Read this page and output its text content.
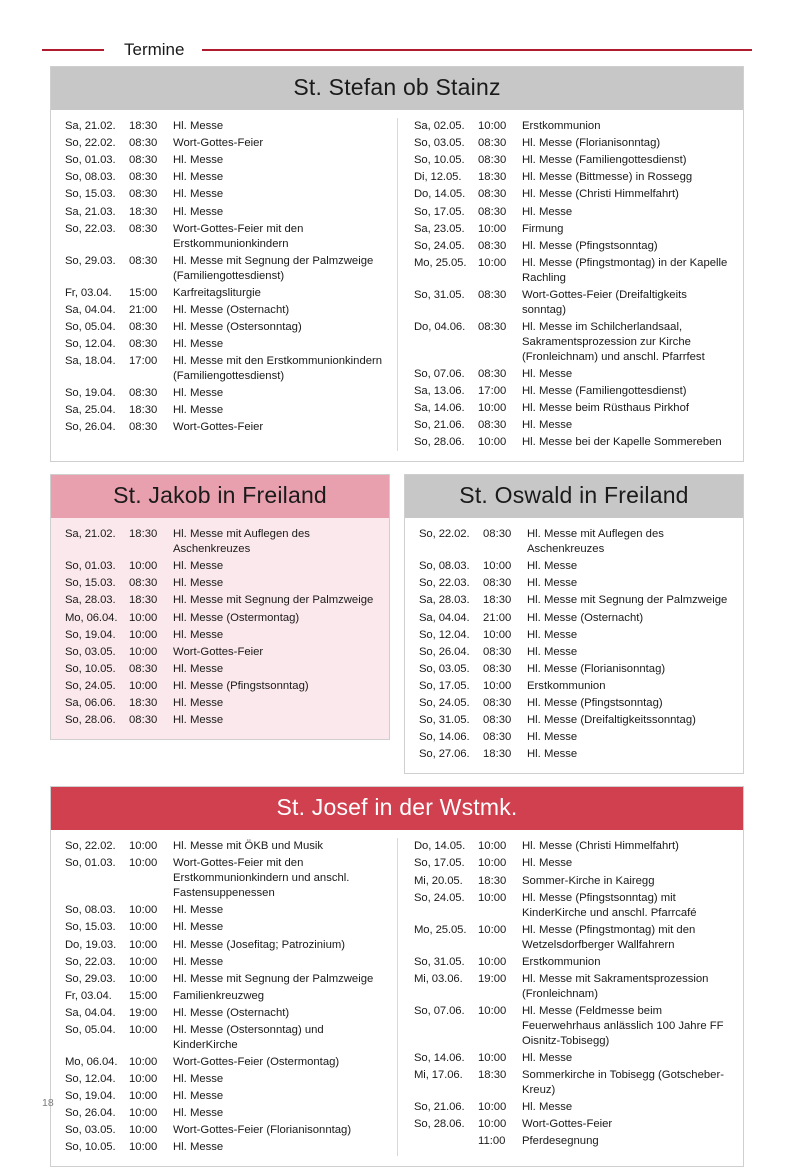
Termine
St. Stefan ob Stainz
Sa, 21.02.	18:30	Hl. Messe
So, 22.02.	08:30	Wort-Gottes-Feier
So, 01.03.	08:30	Hl. Messe
So, 08.03.	08:30	Hl. Messe
So, 15.03.	08:30	Hl. Messe
Sa, 21.03.	18:30	Hl. Messe
So, 22.03.	08:30	Wort-Gottes-Feier mit den Erstkommunionkindern
So, 29.03.	08:30	Hl. Messe mit Segnung der Palmzweige (Familiengottesdienst)
Fr, 03.04.	15:00	Karfreitagsliturgie
Sa, 04.04.	21:00	Hl. Messe (Osternacht)
So, 05.04.	08:30	Hl. Messe (Ostersonntag)
So, 12.04.	08:30	Hl. Messe
Sa, 18.04.	17:00	Hl. Messe mit den Erstkommunionkindern (Familiengottesdienst)
So, 19.04.	08:30	Hl. Messe
Sa, 25.04.	18:30	Hl. Messe
So, 26.04.	08:30	Wort-Gottes-Feier
Sa, 02.05.	10:00	Erstkommunion
So, 03.05.	08:30	Hl. Messe (Florianisonntag)
So, 10.05.	08:30	Hl. Messe (Familiengottesdienst)
Di, 12.05.	18:30	Hl. Messe (Bittmesse) in Rossegg
Do, 14.05.	08:30	Hl. Messe (Christi Himmelfahrt)
So, 17.05.	08:30	Hl. Messe
Sa, 23.05.	10:00	Firmung
So, 24.05.	08:30	Hl. Messe (Pfingstsonntag)
Mo, 25.05.	10:00	Hl. Messe (Pfingstmontag) in der Kapelle Rachling
So, 31.05.	08:30	Wort-Gottes-Feier (Dreifaltigkeits sonntag)
Do, 04.06.	08:30	Hl. Messe im Schilcherlandsaal, Sakramentsprozession zur Kirche (Fronleichnam) und anschl. Pfarrfest
So, 07.06.	08:30	Hl. Messe
Sa, 13.06.	17:00	Hl. Messe (Familiengottesdienst)
Sa, 14.06.	10:00	Hl. Messe beim Rüsthaus Pirkhof
So, 21.06.	08:30	Hl. Messe
So, 28.06.	10:00	Hl. Messe bei der Kapelle Sommereben
St. Jakob in Freiland
Sa, 21.02.	18:30	Hl. Messe mit Auflegen des Aschenkreuzes
So, 01.03.	10:00	Hl. Messe
So, 15.03.	08:30	Hl. Messe
Sa, 28.03.	18:30	Hl. Messe mit Segnung der Palmzweige
Mo, 06.04.	10:00	Hl. Messe (Ostermontag)
So, 19.04.	10:00	Hl. Messe
So, 03.05.	10:00	Wort-Gottes-Feier
So, 10.05.	08:30	Hl. Messe
So, 24.05.	10:00	Hl. Messe (Pfingstsonntag)
Sa, 06.06.	18:30	Hl. Messe
So, 28.06.	08:30	Hl. Messe
St. Oswald in Freiland
So, 22.02.	08:30	Hl. Messe mit Auflegen des Aschenkreuzes
So, 08.03.	10:00	Hl. Messe
So, 22.03.	08:30	Hl. Messe
Sa, 28.03.	18:30	Hl. Messe mit Segnung der Palmzweige
Sa, 04.04.	21:00	Hl. Messe (Osternacht)
So, 12.04.	10:00	Hl. Messe
So, 26.04.	08:30	Hl. Messe
So, 03.05.	08:30	Hl. Messe (Florianisonntag)
So, 17.05.	10:00	Erstkommunion
So, 24.05.	08:30	Hl. Messe (Pfingstsonntag)
So, 31.05.	08:30	Hl. Messe (Dreifaltigkeitssonntag)
So, 14.06.	08:30	Hl. Messe
So, 27.06.	18:30	Hl. Messe
St. Josef in der Wstmk.
So, 22.02.	10:00	Hl. Messe mit ÖKB und Musik
So, 01.03.	10:00	Wort-Gottes-Feier mit den Erstkommunionkindern und anschl. Fastensuppenessen
So, 08.03.	10:00	Hl. Messe
So, 15.03.	10:00	Hl. Messe
Do, 19.03.	10:00	Hl. Messe (Josefitag; Patrozinium)
So, 22.03.	10:00	Hl. Messe
So, 29.03.	10:00	Hl. Messe mit Segnung der Palmzweige
Fr, 03.04.	15:00	Familienkreuzweg
Sa, 04.04.	19:00	Hl. Messe (Osternacht)
So, 05.04.	10:00	Hl. Messe (Ostersonntag) und KinderKirche
Mo, 06.04.	10:00	Wort-Gottes-Feier (Ostermontag)
So, 12.04.	10:00	Hl. Messe
So, 19.04.	10:00	Hl. Messe
So, 26.04.	10:00	Hl. Messe
So, 03.05.	10:00	Wort-Gottes-Feier (Florianisonntag)
So, 10.05.	10:00	Hl. Messe
Do, 14.05.	10:00	Hl. Messe (Christi Himmelfahrt)
So, 17.05.	10:00	Hl. Messe
Mi, 20.05.	18:30	Sommer-Kirche in Kairegg
So, 24.05.	10:00	Hl. Messe (Pfingstsonntag) mit KinderKirche und anschl. Pfarrcafé
Mo, 25.05.	10:00	Hl. Messe (Pfingstmontag) mit den Wetzelsdorfberger Wallfahrern
So, 31.05.	10:00	Erstkommunion
Mi, 03.06.	19:00	Hl. Messe mit Sakramentsprozession (Fronleichnam)
So, 07.06.	10:00	Hl. Messe (Feldmesse beim Feuerwehrhaus anlässlich 100 Jahre FF Oisnitz-Tobisegg)
So, 14.06.	10:00	Hl. Messe
Mi, 17.06.	18:30	Sommerkirche in Tobisegg (Gotscheber-Kreuz)
So, 21.06.	10:00	Hl. Messe
So, 28.06.	10:00	Wort-Gottes-Feier
	11:00	Pferdesegnung
18
